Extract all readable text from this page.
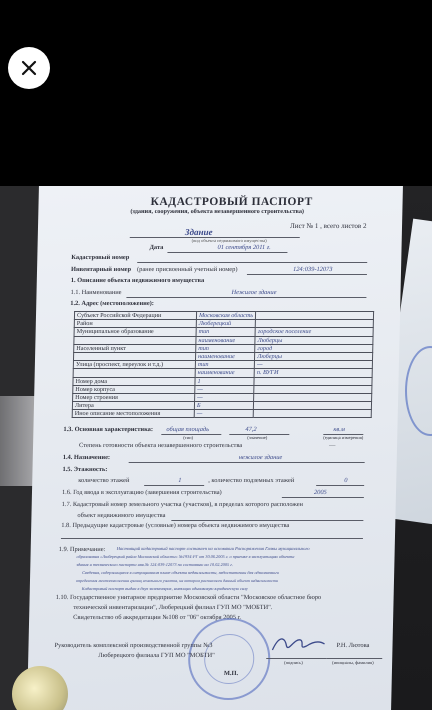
КАДАСТРОВЫЙ ПАСПОРТ
(здания, сооружения, объекта незавершенного строительства)
Лист № 1 , всего листов 2
Здание
(вид объекта недвижимого имущества)
Дата	01 сентября 2011 г.
Кадастровый номер
Инвентарный номер (ранее присвоенный учетный номер)	124:039-12073
1. Описание объекта недвижимого имущества
1.1. Наименование	Нежилое здание
1.2. Адрес (местоположение):
Субъект Российской Федерации	Московская область	
Район	Люберецкий	
Муниципальное образование	тип	городское поселение
	наименование	Люберцы
Населенный пункт	тип	город
	наименование	Люберцы
Улица (проспект, переулок и т.д.)	тип	—
	наименование	п. ВУГИ
Номер дома	1	
Номер корпуса	—	
Номер строения	—	
Литера	Б	
Иное описание местоположения	—	
1.3. Основная характеристика: общая площадь	47,2	кв.м
(тип)	(значение)	(единица измерения)
Степень готовности объекта незавершенного строительства	—
1.4. Назначение:	нежилое здание
1.5. Этажность:
количество этажей	1	, количество подземных этажей	0
1.6. Год ввода в эксплуатацию (завершения строительства)	2005
1.7. Кадастровый номер земельного участка (участков), в пределах которого расположен
объект недвижимого имущества
1.8. Предыдущие кадастровые (условные) номера объекта недвижимого имущества
1.9. Примечание: Настоящий кадастровый паспорт составлен на основании Распоряжения Главы муниципального
образования «Люберецкий район Московской области» №1934-РГ от 30.06.2005 г. о приемке в эксплуатацию объекта
здания и технического паспорта инв.№ 124:039-12073 по состоянию на 10.02.2005 г.
Сведения, содержащиеся в ситуационном плане объекта недвижимости, недостаточны для однозначного
определения местоположения границ земельного участка, на котором расположен данный объект недвижимости
Кадастровый паспорт выдан в двух экземплярах, имеющих одинаковую юридическую силу
1.10. Государственное унитарное предприятие Московской области "Московское областное бюро
технической инвентаризации", Люберецкий филиал ГУП МО "МОБТИ".
Свидетельство об аккредитации №108 от "06" октября 2005 г.
Руководитель комплексной производственной группы №3
Люберецкого филиала ГУП МО "МОБТИ"
(подпись)
Р.Н. Лютова
(инициалы, фамилия)
М.П.
